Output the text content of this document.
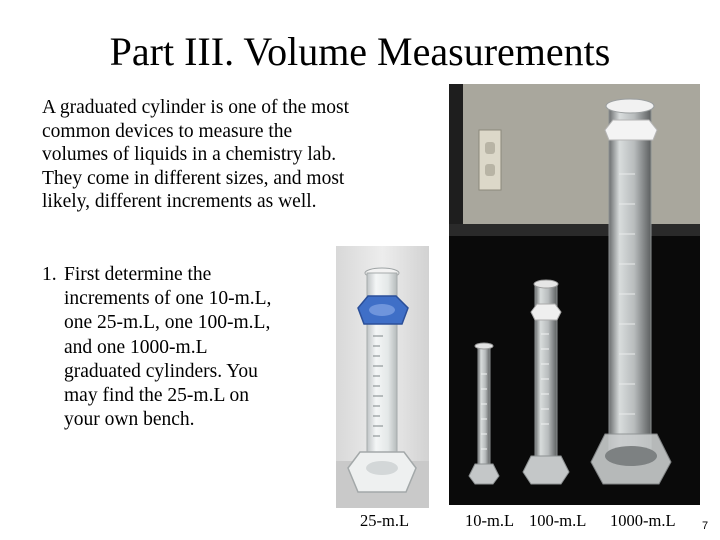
Part III. Volume Measurements
A graduated cylinder is one of the most
common devices to measure the
volumes of liquids in a chemistry lab.
They come in different sizes, and most
likely, different increments as well.
1. First determine the
increments of one 10-m.L,
one 25-m.L, one 100-m.L,
and one 1000-m.L
graduated cylinders. You
may find the 25-m.L on
your own bench.
25-m.L	10-m.L 100-m.L 1000-m.L 7
